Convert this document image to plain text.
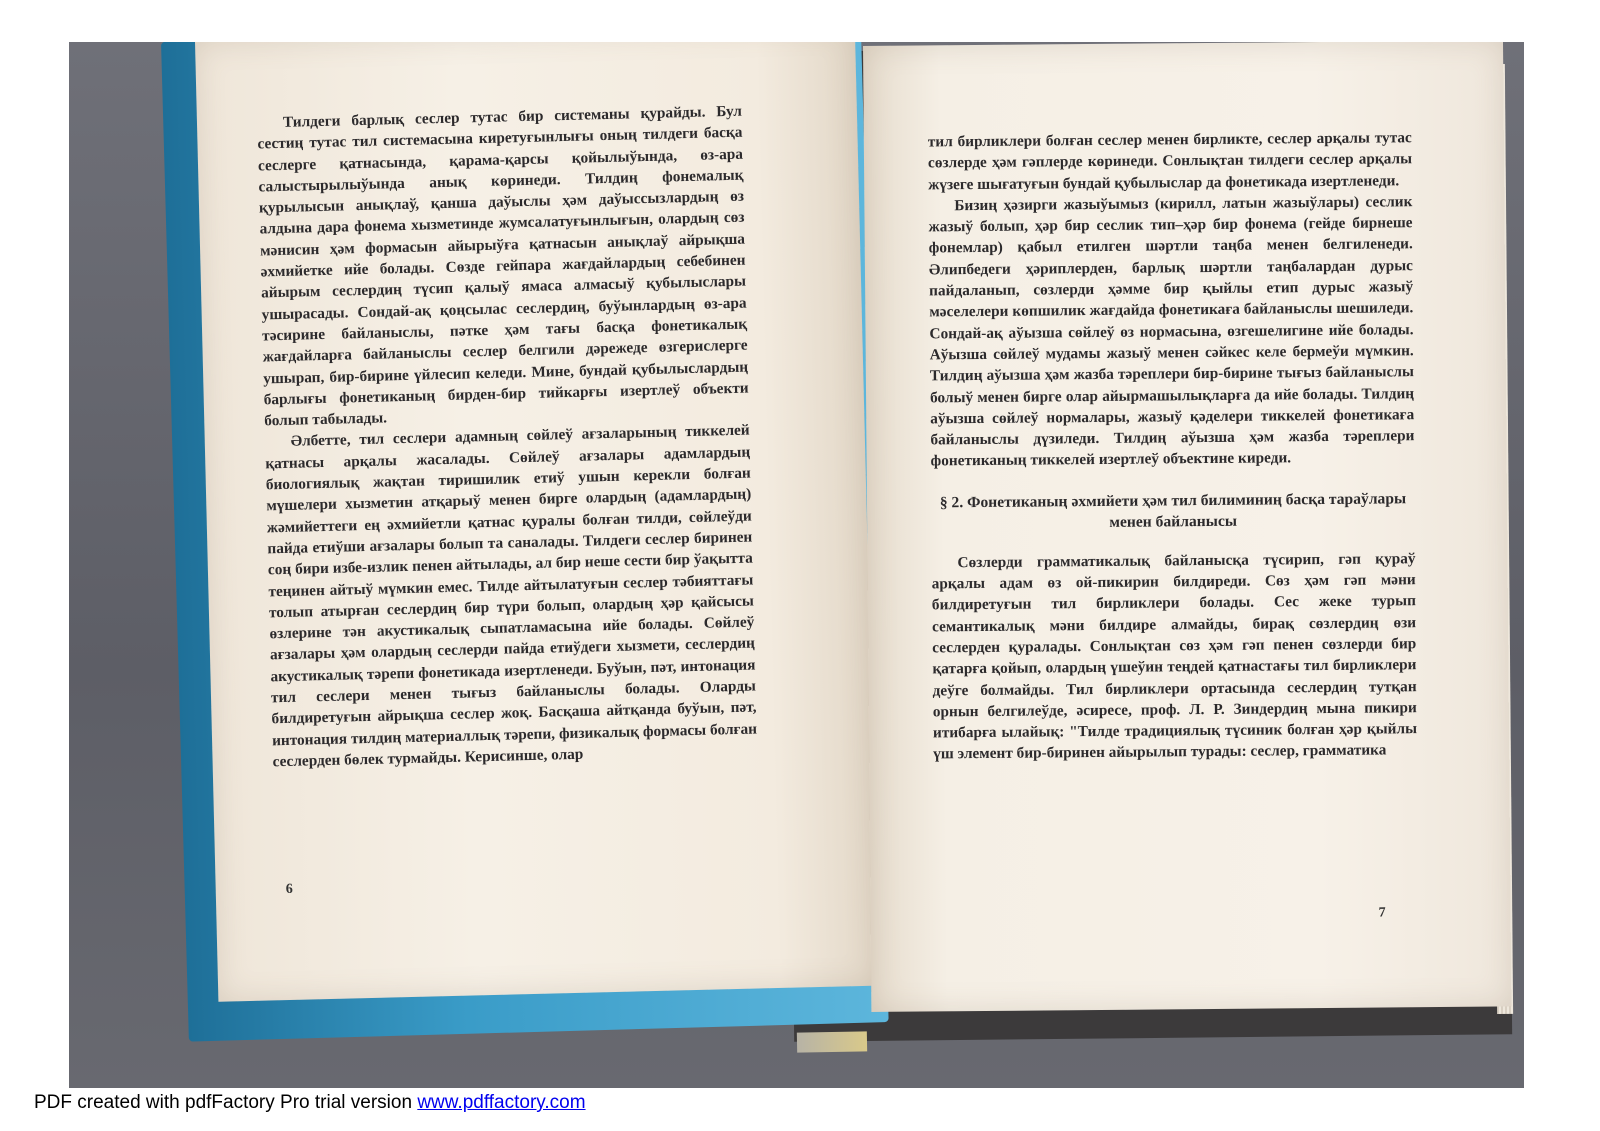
Тилдеги барлық сеслер тутас бир системаны қурайды. Бул сестиң тутас тил системасына киретуғынлығы оның тилдеги басқа сеслерге қатнасында, қарама-қарсы қойылыўында, өз-ара салыстырылыўында анық көринеди. Тилдиң фонемалық қурылысын анықлаў, қанша даўыслы ҳәм даўыссызлардың өз алдына дара фонема хызметинде жумсалатуғынлығын, олардың сөз мәнисин ҳәм формасын айырыўға қатнасын анықлаў айрықша әхмийетке ийе болады. Сөзде гейпара жағдайлардың себебинен айырым сеслердиң түсип қалыў ямаса алмасыў қубылыслары ушырасады. Сондай-ақ қоңсылас сеслердиң, буўынлардың өз-ара тәсирине байланыслы, пәтке ҳәм тағы басқа фонетикалық жағдайларға байланыслы сеслер белгили дәрежеде өзгерислерге ушырап, бир-бирине үйлесип келеди. Мине, бундай қубылыслардың барлығы фонетиканың бирден-бир тийкарғы изертлеў объекти болып табылады.

Әлбетте, тил сеслери адамның сөйлеў ағзаларының тиккелей қатнасы арқалы жасалады. Сөйлеў ағзалары адамлардың биологиялық жақтан тиришилик етиў ушын керекли болған мүшелери хызметин атқарыў менен бирге олардың (адамлардың) жәмийеттеги ең әхмийетли қатнас қуралы болған тилди, сөйлеўди пайда етиўши ағзалары болып та саналады. Тилдеги сеслер биринен соң бири избе-излик пенен айтылады, ал бир неше сести бир ўақытта теңинен айтыў мүмкин емес. Тилде айтылатуғын сеслер тәбияттағы толып атырған сеслердиң бир түри болып, олардың ҳәр қайсысы өзлерине тән акустикалық сыпатламасына ийе болады. Сөйлеў ағзалары ҳәм олардың сеслерди пайда етиўдеги хызмети, сеслердиң акустикалық тәрепи фонетикада изертленеди. Буўын, пәт, интонация тил сеслери менен тығыз байланыслы болады. Оларды билдиретуғын айрықша сеслер жоқ. Басқаша айтқанда буўын, пәт, интонация тилдиң материаллық тәрепи, физикалық формасы болған сеслерден бөлек турмайды. Керисинше, олар

6

тил бирликлери болған сеслер менен бирликте, сеслер арқалы тутас сөзлерде ҳәм гәплерде көринеди. Сонлықтан тилдеги сеслер арқалы жүзеге шығатуғын бундай қубылыслар да фонетикада изертленеди.

Бизиң ҳәзирги жазыўымыз (кирилл, латын жазыўлары) сеслик жазыў болып, ҳәр бир сеслик тип–ҳәр бир фонема (гейде бирнеше фонемлар) қабыл етилген шәртли таңба менен белгиленеди. Әлипбедеги ҳәриплерден, барлық шәртли таңбалардан дурыс пайдаланып, сөзлерди ҳәмме бир қыйлы етип дурыс жазыў мәселелери көпшилик жағдайда фонетикаға байланыслы шешиледи. Сондай-ақ аўызша сөйлеў өз нормасына, өзгешелигине ийе болады. Аўызша сөйлеў мудамы жазыў менен сәйкес келе бермеўи мүмкин. Тилдиң аўызша ҳәм жазба тәреплери бир-бирине тығыз байланыслы болыў менен бирге олар айырмашылықларға да ийе болады. Тилдиң аўызша сөйлеў нормалары, жазыў қәделери тиккелей фонетикаға байланыслы дүзиледи. Тилдиң аўызша ҳәм жазба тәреплери фонетиканың тиккелей изертлеў объектине киреди.

§ 2. Фонетиканың әхмийети ҳәм тил билиминиң басқа тараўлары менен байланысы

Сөзлерди грамматикалық байланысқа түсирип, гәп қураў арқалы адам өз ой-пикирин билдиреди. Сөз ҳәм гәп мәни билдиретуғын тил бирликлери болады. Сес жеке турып семантикалық мәни билдире алмайды, бирақ сөзлердиң өзи сеслерден қуралады. Сонлықтан сөз ҳәм гәп пенен сөзлерди бир қатарға қойып, олардың үшеўин теңдей қатнастағы тил бирликлери деўге болмайды. Тил бирликлери ортасында сеслердиң тутқан орнын белгилеўде, әсиресе, проф. Л. Р. Зиндердиң мына пикири итибарға ылайық: "Тилде традициялық түсиник болған ҳәр қыйлы үш элемент бир-биринен айырылып турады: сеслер, грамматика

7
PDF created with pdfFactory Pro trial version www.pdffactory.com
